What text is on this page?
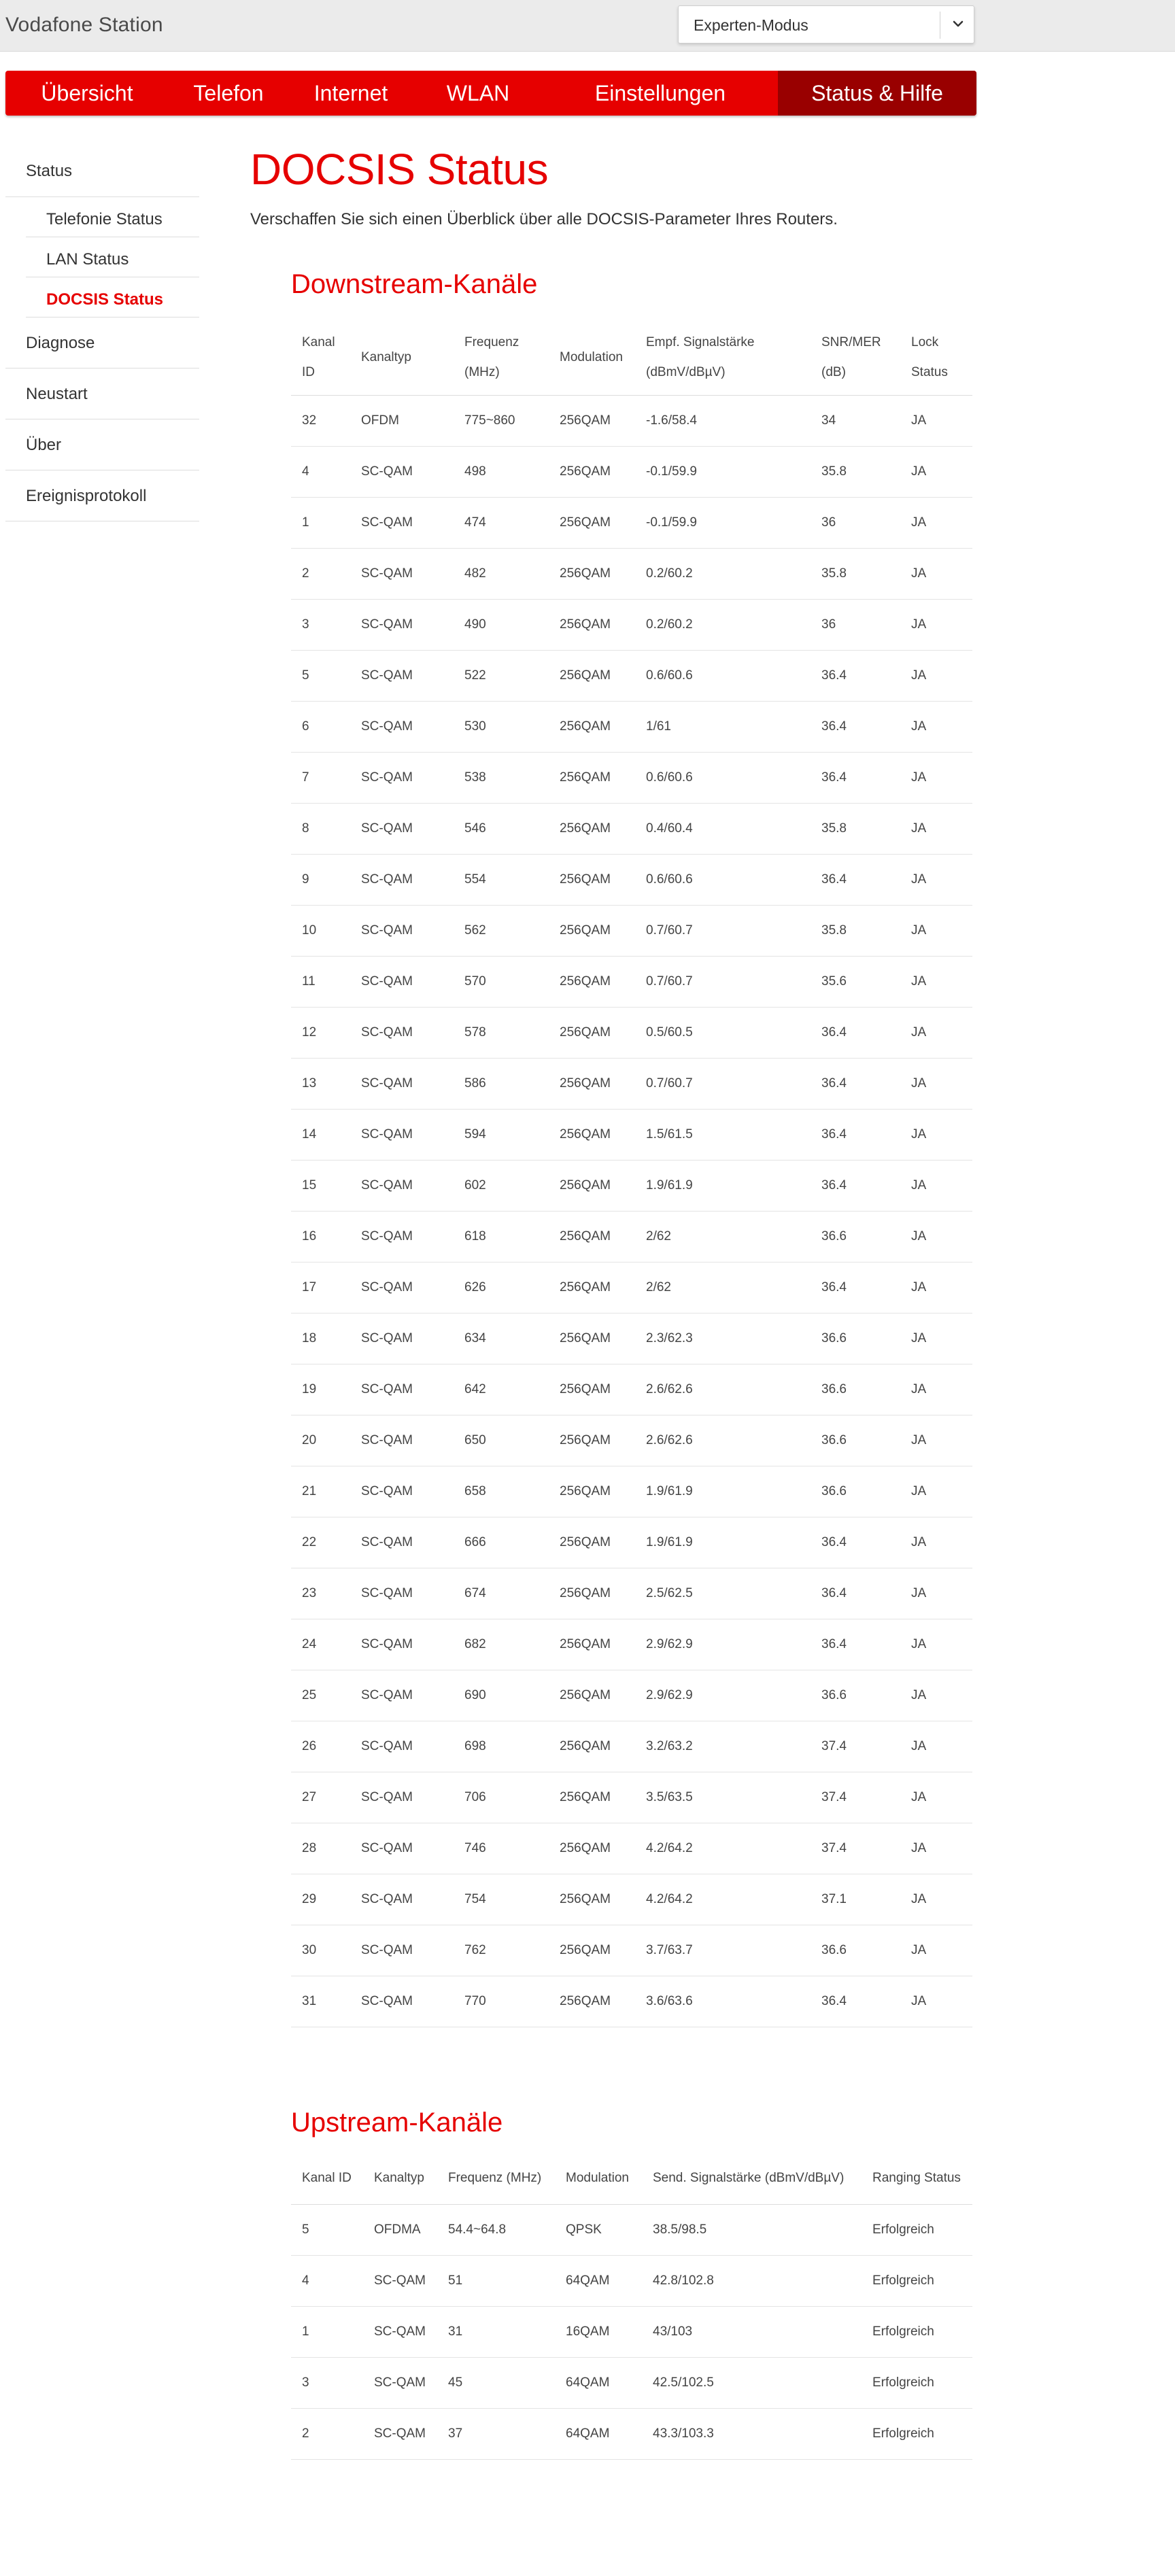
Vodafone Station	Experten-Modus
Übersicht	Telefon Internet	WLAN	Einstellungen	Status & Hilfe
Status
Telefonie Status
LAN Status
DOCSIS Status
Diagnose
Neustart
Über
Ereignisprotokoll
DOCSIS Status
Verschaffen Sie sich einen Überblick über alle DOCSIS-Parameter Ihres Routers.
Downstream-Kanäle
Kanal ID	Kanaltyp	Frequenz (MHz)	Modulation	Empf. Signalstärke (dBmV/dBµV)	SNR/MER (dB)	Lock Status
32	OFDM	775~860	256QAM	-1.6/58.4	34	JA
4	SC-QAM	498	256QAM	-0.1/59.9	35.8	JA
1	SC-QAM	474	256QAM	-0.1/59.9	36	JA
2	SC-QAM	482	256QAM	0.2/60.2	35.8	JA
3	SC-QAM	490	256QAM	0.2/60.2	36	JA
5	SC-QAM	522	256QAM	0.6/60.6	36.4	JA
6	SC-QAM	530	256QAM	1/61	36.4	JA
7	SC-QAM	538	256QAM	0.6/60.6	36.4	JA
8	SC-QAM	546	256QAM	0.4/60.4	35.8	JA
9	SC-QAM	554	256QAM	0.6/60.6	36.4	JA
10	SC-QAM	562	256QAM	0.7/60.7	35.8	JA
11	SC-QAM	570	256QAM	0.7/60.7	35.6	JA
12	SC-QAM	578	256QAM	0.5/60.5	36.4	JA
13	SC-QAM	586	256QAM	0.7/60.7	36.4	JA
14	SC-QAM	594	256QAM	1.5/61.5	36.4	JA
15	SC-QAM	602	256QAM	1.9/61.9	36.4	JA
16	SC-QAM	618	256QAM	2/62	36.6	JA
17	SC-QAM	626	256QAM	2/62	36.4	JA
18	SC-QAM	634	256QAM	2.3/62.3	36.6	JA
19	SC-QAM	642	256QAM	2.6/62.6	36.6	JA
20	SC-QAM	650	256QAM	2.6/62.6	36.6	JA
21	SC-QAM	658	256QAM	1.9/61.9	36.6	JA
22	SC-QAM	666	256QAM	1.9/61.9	36.4	JA
23	SC-QAM	674	256QAM	2.5/62.5	36.4	JA
24	SC-QAM	682	256QAM	2.9/62.9	36.4	JA
25	SC-QAM	690	256QAM	2.9/62.9	36.6	JA
26	SC-QAM	698	256QAM	3.2/63.2	37.4	JA
27	SC-QAM	706	256QAM	3.5/63.5	37.4	JA
28	SC-QAM	746	256QAM	4.2/64.2	37.4	JA
29	SC-QAM	754	256QAM	4.2/64.2	37.1	JA
30	SC-QAM	762	256QAM	3.7/63.7	36.6	JA
31	SC-QAM	770	256QAM	3.6/63.6	36.4	JA
Upstream-Kanäle
Kanal ID	Kanaltyp	Frequenz (MHz)	Modulation	Send. Signalstärke (dBmV/dBµV)	Ranging Status
5	OFDMA	54.4~64.8	QPSK	38.5/98.5	Erfolgreich
4	SC-QAM	51	64QAM	42.8/102.8	Erfolgreich
1	SC-QAM	31	16QAM	43/103	Erfolgreich
3	SC-QAM	45	64QAM	42.5/102.5	Erfolgreich
2	SC-QAM	37	64QAM	43.3/103.3	Erfolgreich
